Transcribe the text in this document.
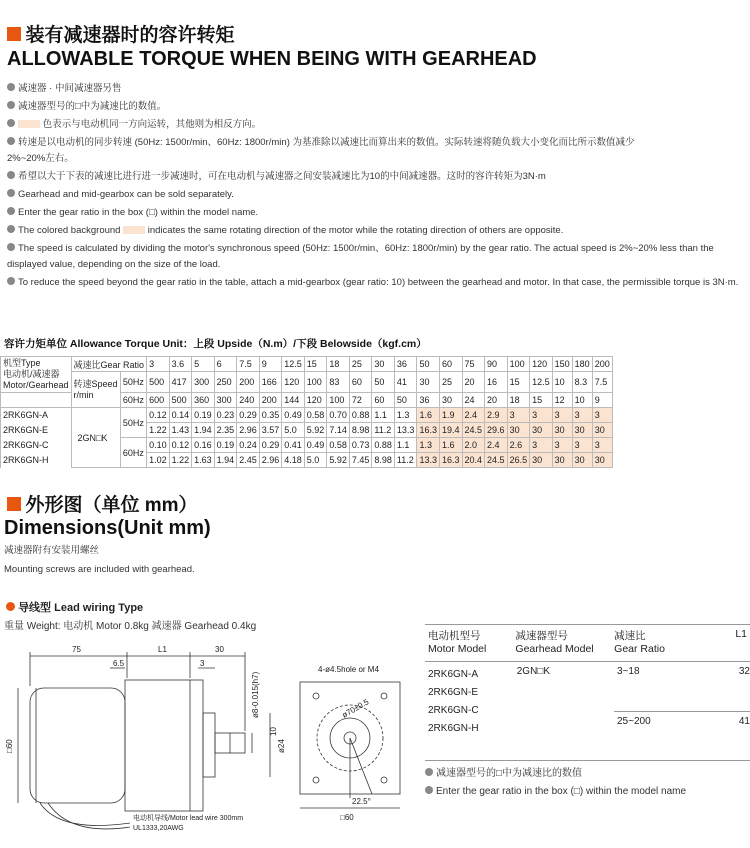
装有减速器时的容许转矩
ALLOWABLE TORQUE WHEN BEING WITH GEARHEAD
减速器 · 中间减速器另售
减速器型号的□中为减速比的数值。
色表示与电动机同一方向运转，其他则为相反方向。
转速是以电动机的同步转速 (50Hz: 1500r/min、60Hz: 1800r/min) 为基准除以减速比而算出来的数值。实际转速将随负载大小变化而比所示数值减少
2%~20%左右。
希望以大于下表的减速比进行进一步减速时，可在电动机与减速器之间安装减速比为10的中间减速器。这时的容许转矩为3N·m
Gearhead and mid-gearbox can be sold separately.
Enter the gear ratio in the box (□) within the model name.
The colored background	indicates the same rotating direction of the motor while the rotating direction of others are opposite.
The speed is calculated by dividing the motor's synchronous speed (50Hz: 1500r/min、60Hz: 1800r/min) by the gear ratio. The actual speed is 2%~20% less than the
displayed value, depending on the size of the load.
To reduce the speed beyond the gear ratio in the table, attach a mid-gearbox (gear ratio: 10) between the gearhead and motor. In that case, the permissible torque is 3N·m.
容许力矩单位 Allowance Torque Unit：上段 Upside（N.m）/下段 Belowside（kgf.cm）
机型Type
电动机/减速器
Motor/Gearhead	减速比Gear Ratio		3	3.6	5	6	7.5	9	12.5	15	18	25	30	36	50	60	75	90	100	120	150	180	200

	转速Speed
r/min	50Hz	500	417	300	250	200	166	120	100	83	60	50	41	30	25	20	16	15	12.5	10	8.3	7.5
		60Hz	600	500	360	300	240	200	144	120	100	72	60	50	36	30	24	20	18	15	12	10	9
2RK6GN-A	2GN□K	50Hz	0.12	0.14	0.19	0.23	0.29	0.35	0.49	0.58	0.70	0.88	1.1	1.3	1.6	1.9	2.4	2.9	3	3	3	3	3
2RK6GN-E			1.22	1.43	1.94	2.35	2.96	3.57	5.0	5.92	7.14	8.98	11.2	13.3	16.3	19.4	24.5	29.6	30	30	30	30	30
2RK6GN-C		60Hz	0.10	0.12	0.16	0.19	0.24	0.29	0.41	0.49	0.58	0.73	0.88	1.1	1.3	1.6	2.0	2.4	2.6	3	3	3	3
2RK6GN-H			1.02	1.22	1.63	1.94	2.45	2.96	4.18	5.0	5.92	7.45	8.98	11.2	13.3	16.3	20.4	24.5	26.5	30	30	30	30
外形图（单位 mm）
Dimensions(Unit mm)
减速器附有安装用螺丝
Mounting screws are included with gearhead.
导线型 Lead wiring Type
重量 Weight: 电动机 Motor 0.8kg 减速器 Gearhead 0.4kg
75	L1	30
6.5	3
ø8-0.015(h7)
ø24
10
□60
4-ø4.5hole or M4
ø70±0.5
22.5°
□60
电动机导线/Motor lead wire 300mm
UL1333,20AWG
电动机型号
Motor Model
减速器型号
Gearhead Model
减速比
Gear Ratio
L1
2RK6GN-A
2RK6GN-E
2RK6GN-C
2RK6GN-H
2GN□K	3~18	32
25~200	41
减速器型号的□中为减速比的数值
Enter the gear ratio in the box (□) within the model name
